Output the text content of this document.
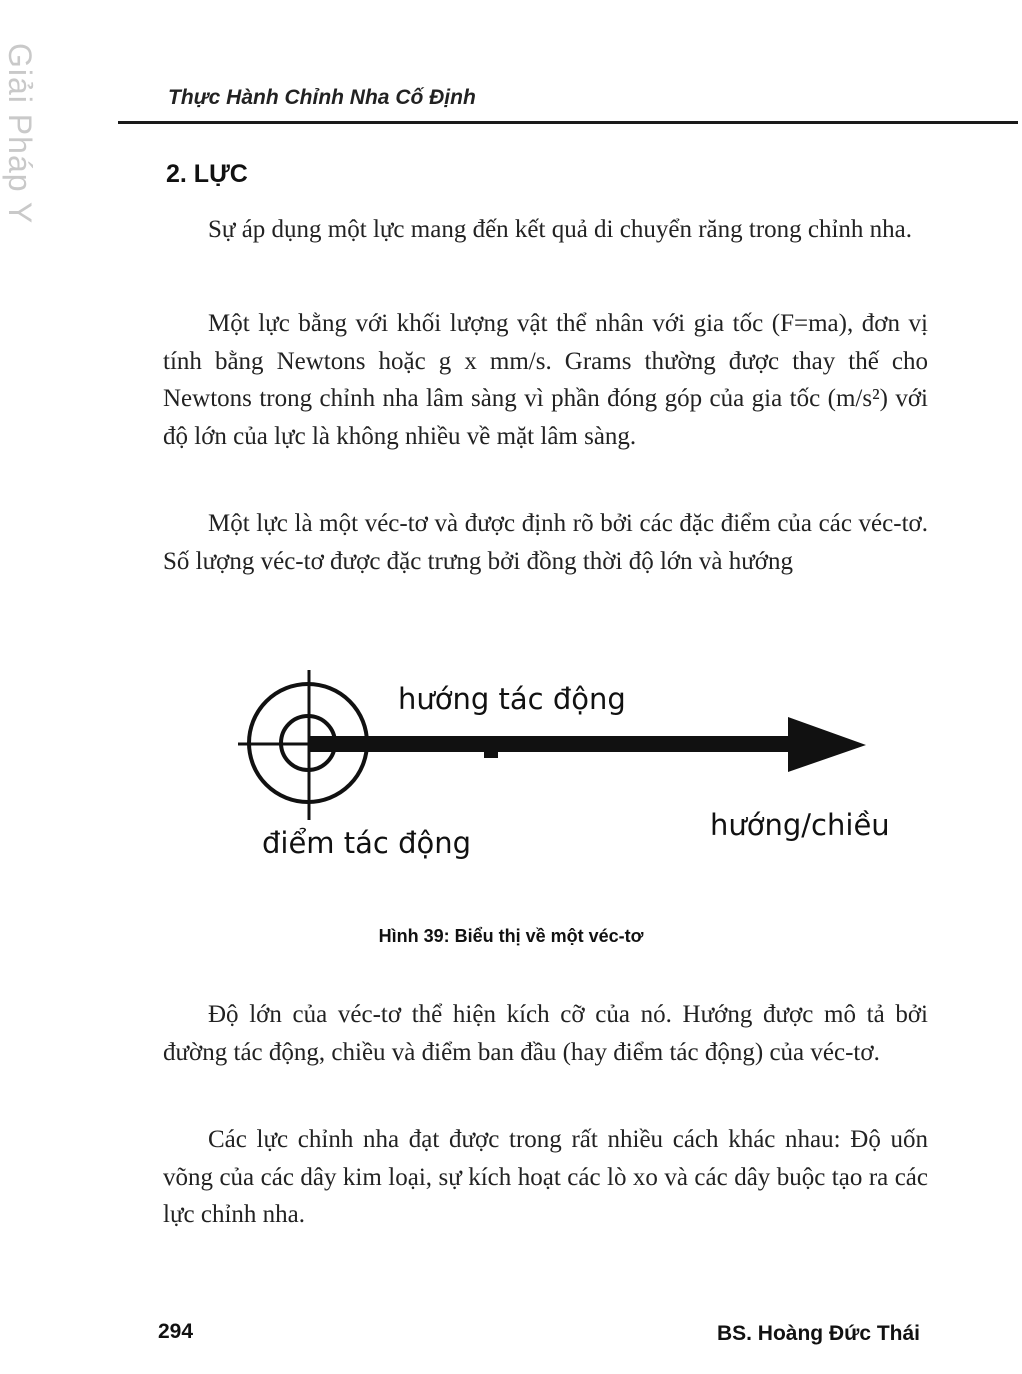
Giải Pháp Y
Thực Hành Chỉnh Nha Cố Định
2. LỰC

Sự áp dụng một lực mang đến kết quả di chuyển răng trong chỉnh nha.

Một lực bằng với khối lượng vật thể nhân với gia tốc (F=ma), đơn vị tính bằng Newtons hoặc g x mm/s. Grams thường được thay thế cho Newtons trong chỉnh nha lâm sàng vì phần đóng góp của gia tốc (m/s²) với độ lớn của lực là không nhiều về mặt lâm sàng.

Một lực là một véc-tơ và được định rõ bởi các đặc điểm của các véc-tơ. Số lượng véc-tơ được đặc trưng bởi đồng thời độ lớn và hướng

hướng tác động
hướng/chiều
điểm tác động
Hình 39: Biểu thị về một véc-tơ

Độ lớn của véc-tơ thể hiện kích cỡ của nó. Hướng được mô tả bởi đường tác động, chiều và điểm ban đầu (hay điểm tác động) của véc-tơ.

Các lực chỉnh nha đạt được trong rất nhiều cách khác nhau: Độ uốn võng của các dây kim loại, sự kích hoạt các lò xo và các dây buộc tạo ra các lực chỉnh nha.

294	BS. Hoàng Đức Thái
